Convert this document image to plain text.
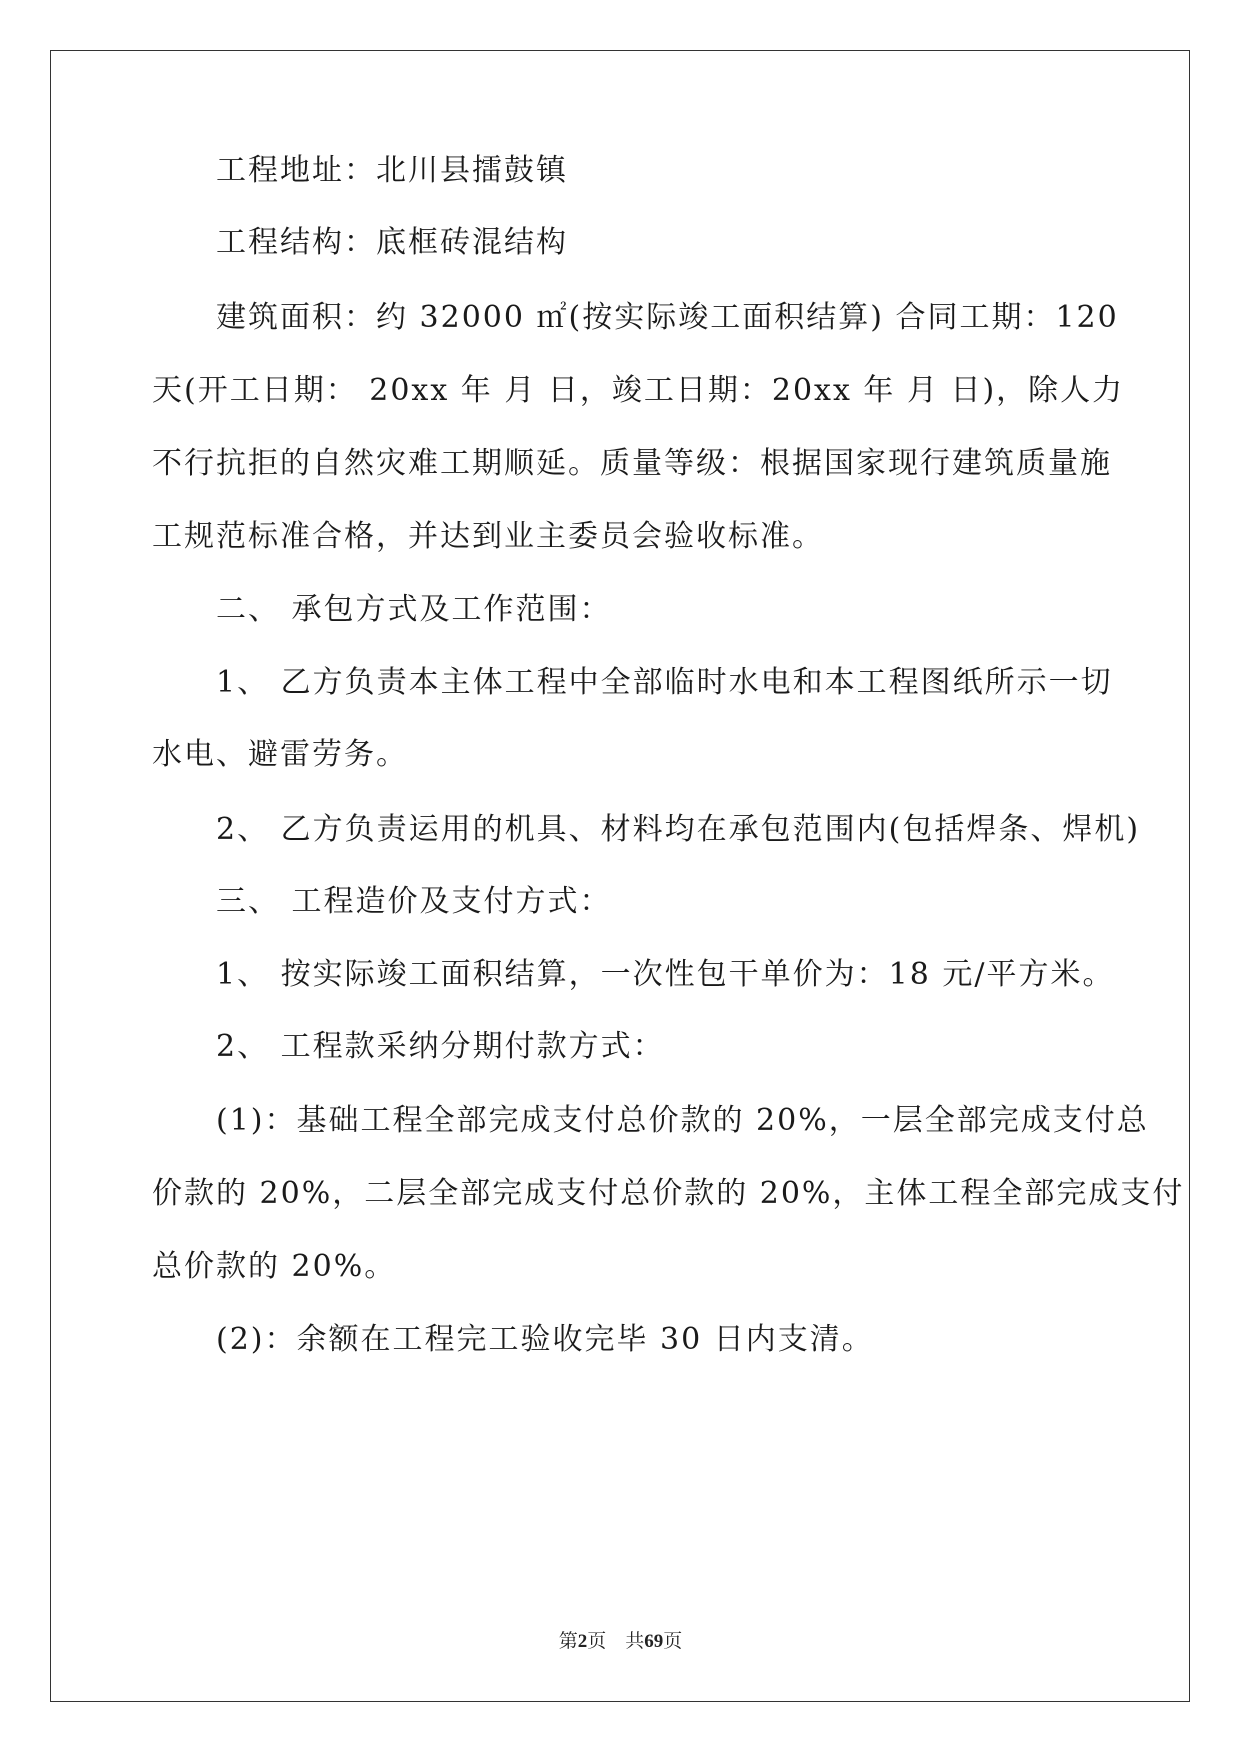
　　工程地址：北川县擂鼓镇
　　工程结构：底框砖混结构
　　建筑面积：约 32000 ㎡(按实际竣工面积结算) 合同工期：120
天(开工日期： 20xx 年 月 日，竣工日期：20xx 年 月 日)，除人力
不行抗拒的自然灾难工期顺延。质量等级：根据国家现行建筑质量施
工规范标准合格，并达到业主委员会验收标准。
　　二、 承包方式及工作范围：
　　1、 乙方负责本主体工程中全部临时水电和本工程图纸所示一切
水电、避雷劳务。
　　2、 乙方负责运用的机具、材料均在承包范围内(包括焊条、焊机)
　　三、 工程造价及支付方式：
　　1、 按实际竣工面积结算，一次性包干单价为：18 元/平方米。
　　2、 工程款采纳分期付款方式：
　　(1)：基础工程全部完成支付总价款的 20%，一层全部完成支付总
价款的 20%，二层全部完成支付总价款的 20%，主体工程全部完成支付
总价款的 20%。
　　(2)：余额在工程完工验收完毕 30 日内支清。
第2页 共69页
